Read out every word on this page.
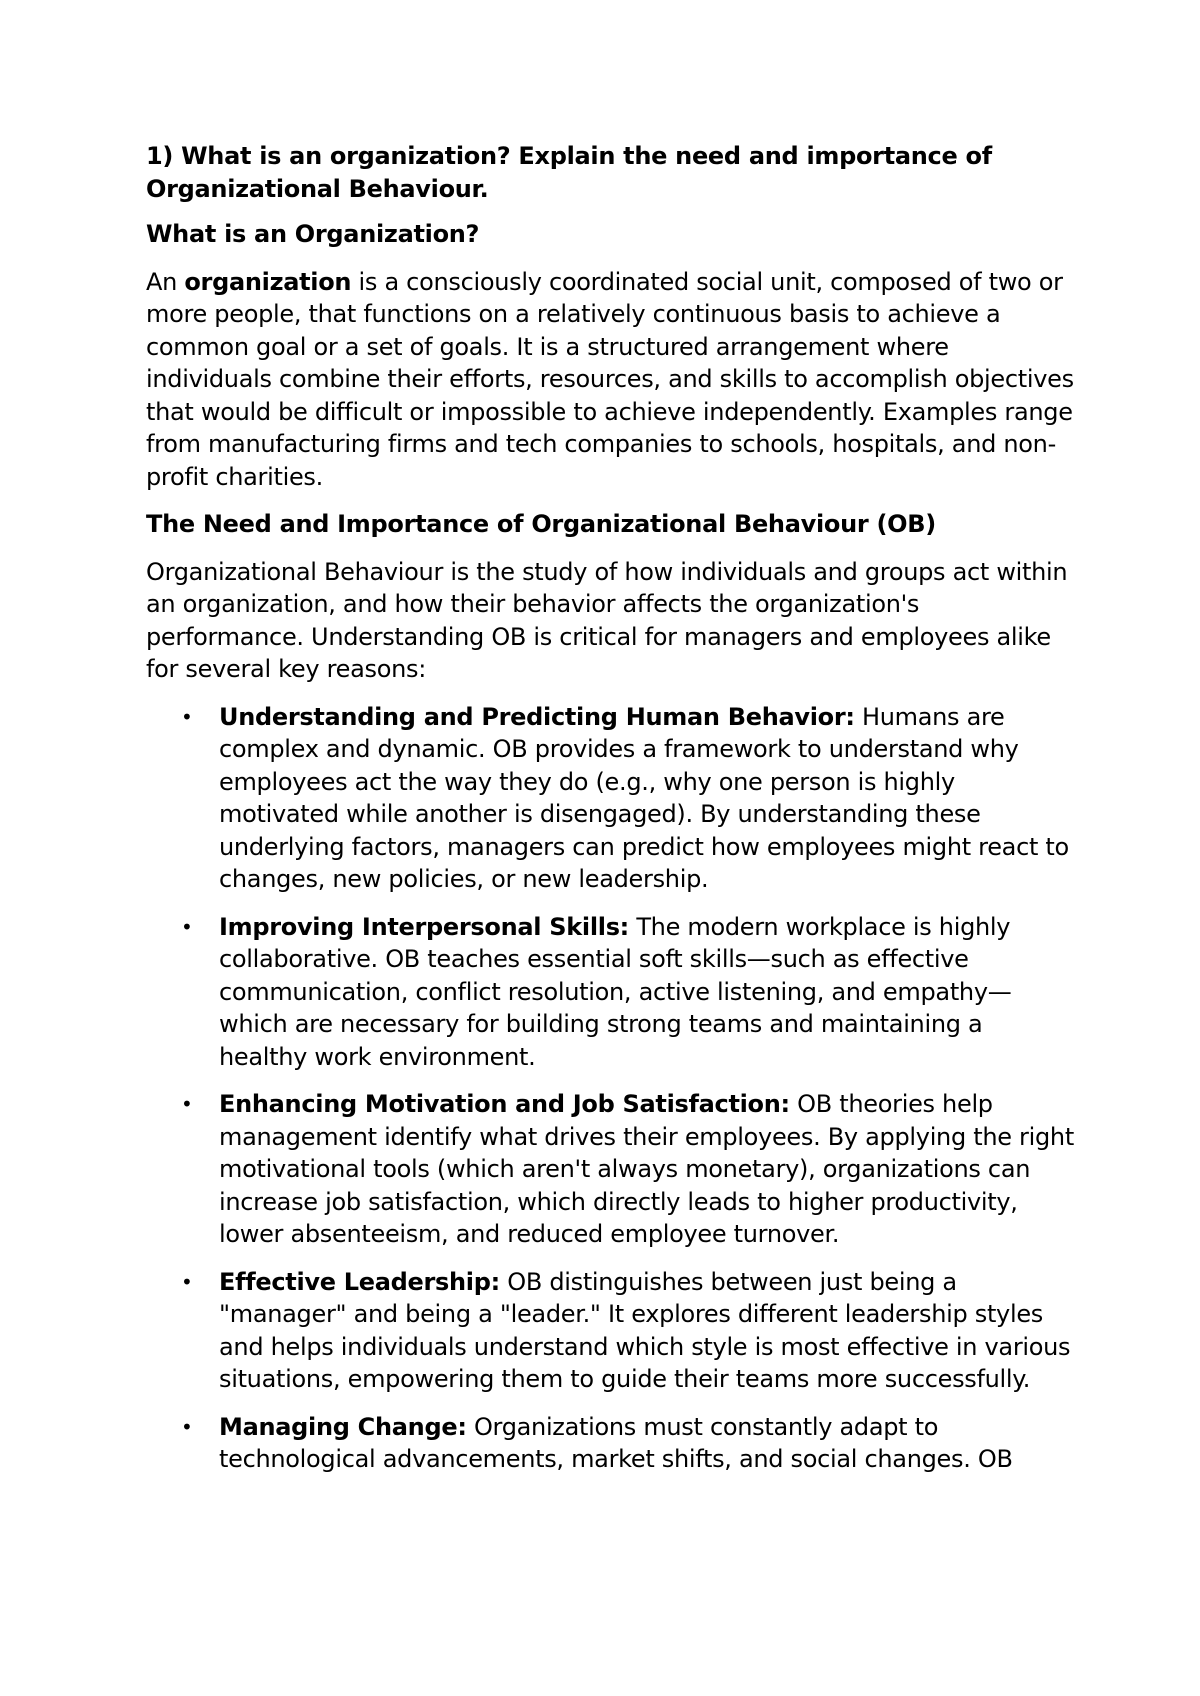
1) What is an organization? Explain the need and importance of Organizational Behaviour.

What is an Organization?

An organization is a consciously coordinated social unit, composed of two or more people, that functions on a relatively continuous basis to achieve a common goal or a set of goals. It is a structured arrangement where individuals combine their efforts, resources, and skills to accomplish objectives that would be difficult or impossible to achieve independently. Examples range from manufacturing firms and tech companies to schools, hospitals, and non-profit charities.

The Need and Importance of Organizational Behaviour (OB)

Organizational Behaviour is the study of how individuals and groups act within an organization, and how their behavior affects the organization's performance. Understanding OB is critical for managers and employees alike for several key reasons:

• Understanding and Predicting Human Behavior: Humans are complex and dynamic. OB provides a framework to understand why employees act the way they do (e.g., why one person is highly motivated while another is disengaged). By understanding these underlying factors, managers can predict how employees might react to changes, new policies, or new leadership.
• Improving Interpersonal Skills: The modern workplace is highly collaborative. OB teaches essential soft skills—such as effective communication, conflict resolution, active listening, and empathy—which are necessary for building strong teams and maintaining a healthy work environment.
• Enhancing Motivation and Job Satisfaction: OB theories help management identify what drives their employees. By applying the right motivational tools (which aren't always monetary), organizations can increase job satisfaction, which directly leads to higher productivity, lower absenteeism, and reduced employee turnover.
• Effective Leadership: OB distinguishes between just being a "manager" and being a "leader." It explores different leadership styles and helps individuals understand which style is most effective in various situations, empowering them to guide their teams more successfully.
• Managing Change: Organizations must constantly adapt to technological advancements, market shifts, and social changes. OB
